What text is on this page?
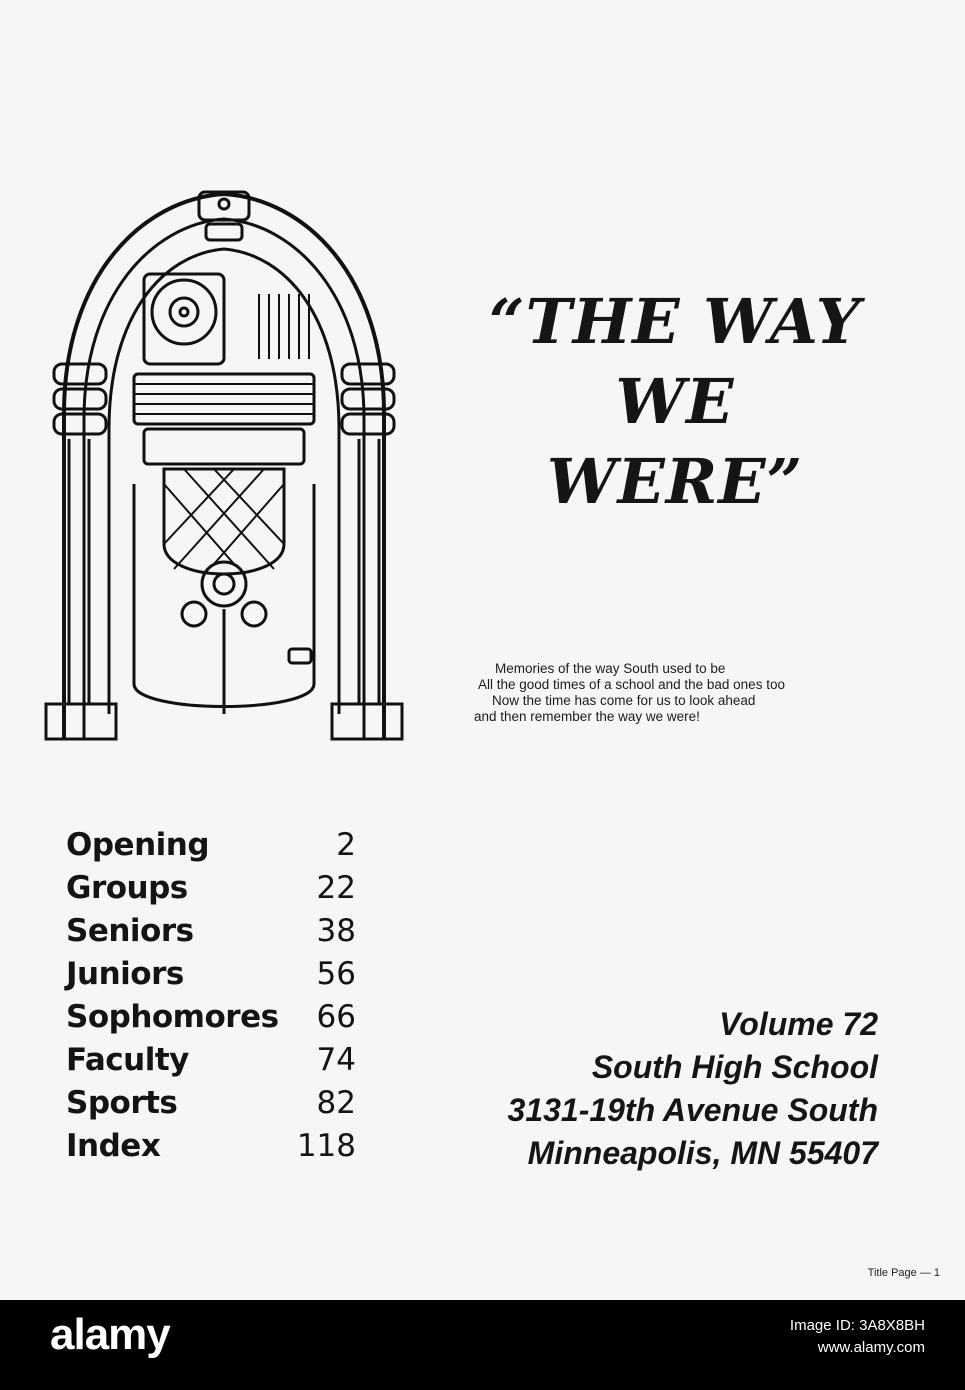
“THE WAY
WE
WERE”
Memories of the way South used to be
All the good times of a school and the bad ones too
Now the time has come for us to look ahead
and then remember the way we were!
Opening	2
Groups	22
Seniors	38
Juniors	56
Sophomores 66
Faculty	74
Sports	82
Index	118
Volume 72
South High School
3131-19th Avenue South
Minneapolis, MN 55407
Title Page — 1
alamy	Image ID: 3A8X8BH
www.alamy.com
